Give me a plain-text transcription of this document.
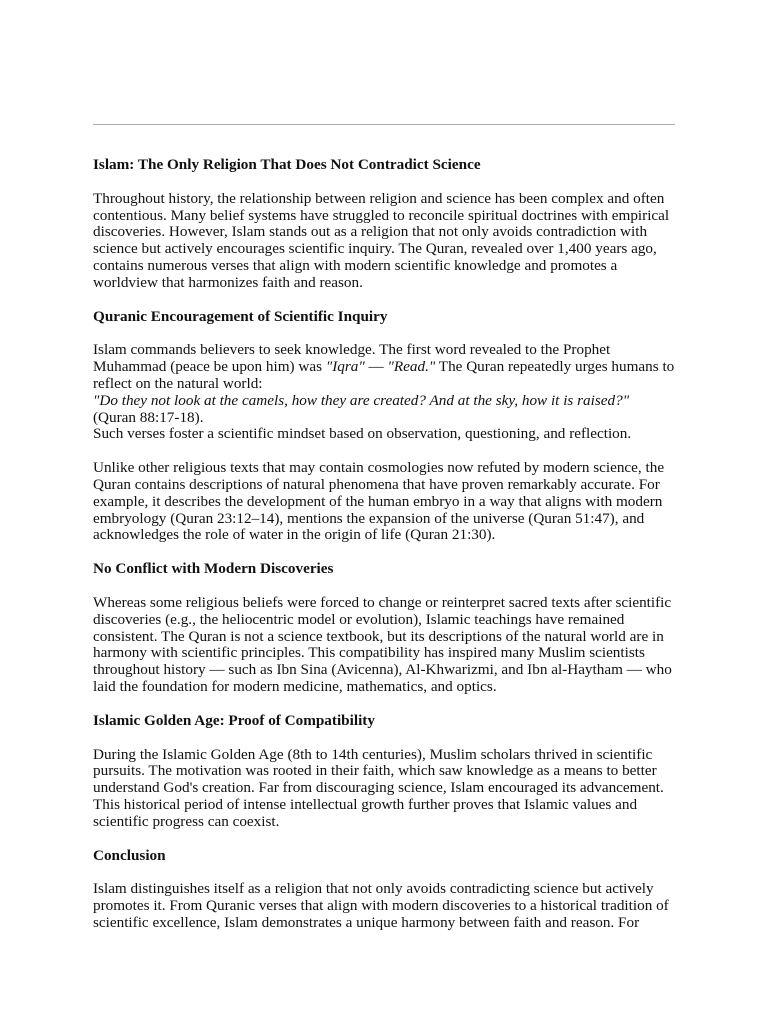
Islam: The Only Religion That Does Not Contradict Science

Throughout history, the relationship between religion and science has been complex and often contentious. Many belief systems have struggled to reconcile spiritual doctrines with empirical discoveries. However, Islam stands out as a religion that not only avoids contradiction with science but actively encourages scientific inquiry. The Quran, revealed over 1,400 years ago, contains numerous verses that align with modern scientific knowledge and promotes a worldview that harmonizes faith and reason.

Quranic Encouragement of Scientific Inquiry

Islam commands believers to seek knowledge. The first word revealed to the Prophet Muhammad (peace be upon him) was "Iqra" — "Read." The Quran repeatedly urges humans to reflect on the natural world:
"Do they not look at the camels, how they are created? And at the sky, how it is raised?"
(Quran 88:17-18).
Such verses foster a scientific mindset based on observation, questioning, and reflection.

Unlike other religious texts that may contain cosmologies now refuted by modern science, the Quran contains descriptions of natural phenomena that have proven remarkably accurate. For example, it describes the development of the human embryo in a way that aligns with modern embryology (Quran 23:12–14), mentions the expansion of the universe (Quran 51:47), and acknowledges the role of water in the origin of life (Quran 21:30).

No Conflict with Modern Discoveries

Whereas some religious beliefs were forced to change or reinterpret sacred texts after scientific discoveries (e.g., the heliocentric model or evolution), Islamic teachings have remained consistent. The Quran is not a science textbook, but its descriptions of the natural world are in harmony with scientific principles. This compatibility has inspired many Muslim scientists throughout history — such as Ibn Sina (Avicenna), Al-Khwarizmi, and Ibn al-Haytham — who laid the foundation for modern medicine, mathematics, and optics.

Islamic Golden Age: Proof of Compatibility

During the Islamic Golden Age (8th to 14th centuries), Muslim scholars thrived in scientific pursuits. The motivation was rooted in their faith, which saw knowledge as a means to better understand God's creation. Far from discouraging science, Islam encouraged its advancement. This historical period of intense intellectual growth further proves that Islamic values and scientific progress can coexist.

Conclusion

Islam distinguishes itself as a religion that not only avoids contradicting science but actively promotes it. From Quranic verses that align with modern discoveries to a historical tradition of scientific excellence, Islam demonstrates a unique harmony between faith and reason. For
